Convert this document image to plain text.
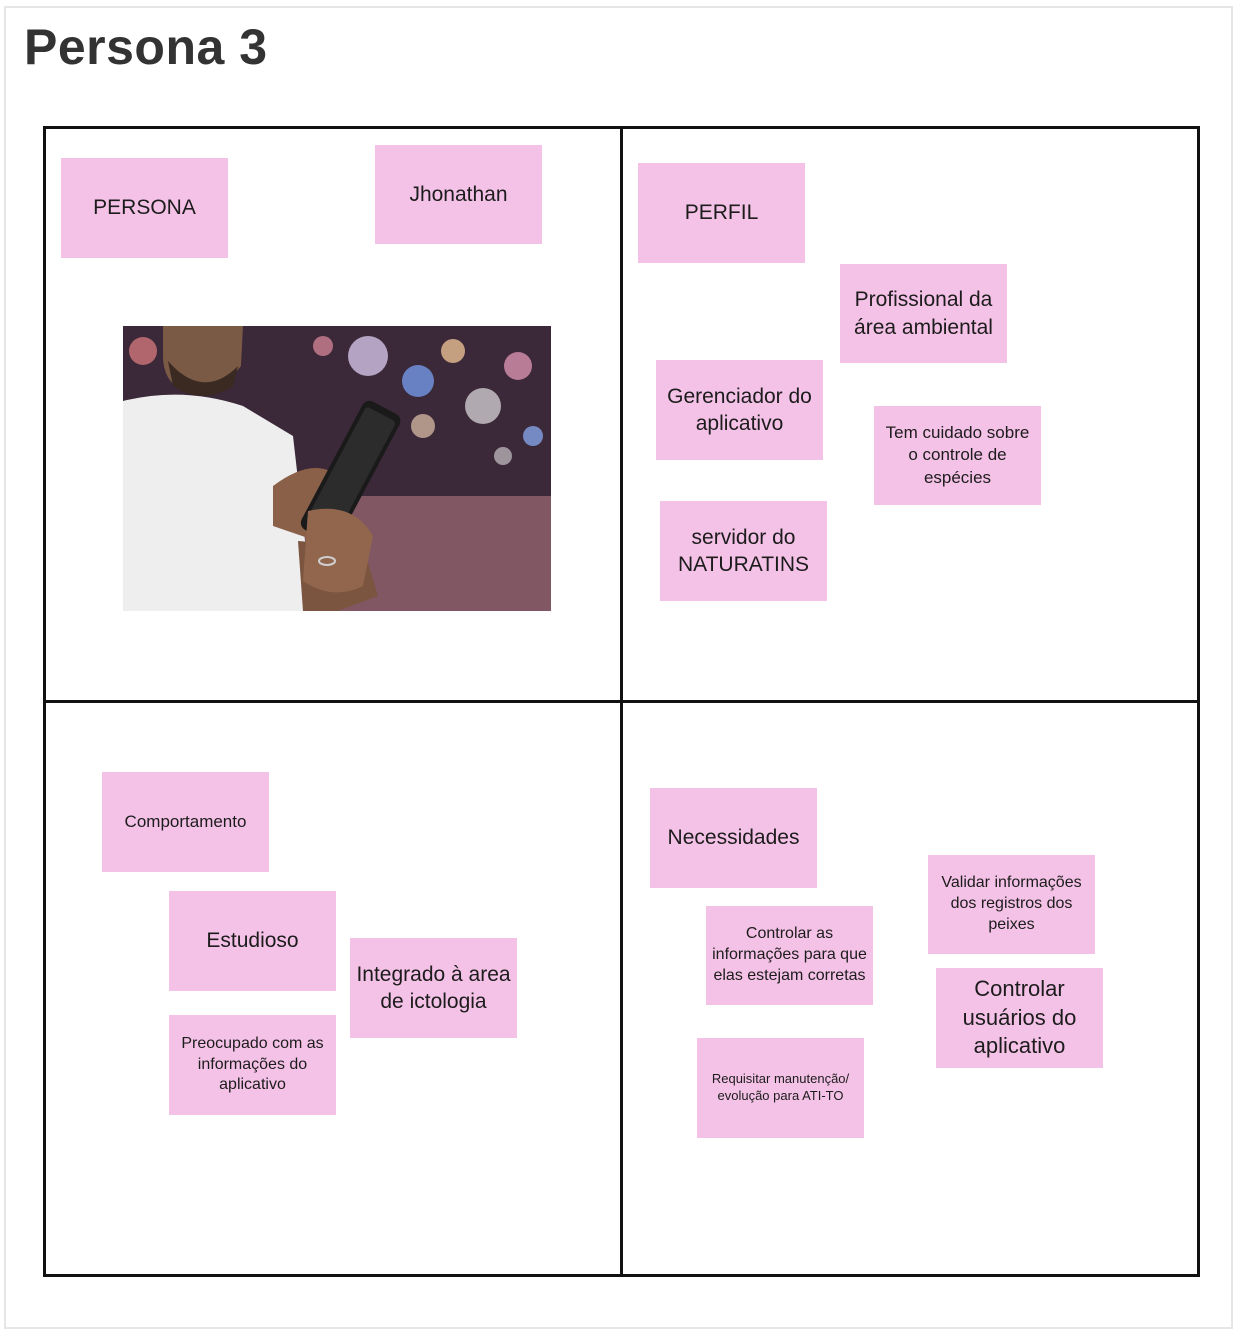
Persona 3
PERSONA
Jhonathan
PERFIL
Profissional da área ambiental
Gerenciador do aplicativo	Tem cuidado sobre o controle de espécies
servidor do NATURATINS
Comportamento
Estudioso
Integrado à area de ictologia
Preocupado com as informações do aplicativo
Necessidades
Controlar as informações para que elas estejam corretas
Validar informações dos registros dos peixes
Controlar usuários do aplicativo
Requisitar manutenção/ evolução para ATI-TO
